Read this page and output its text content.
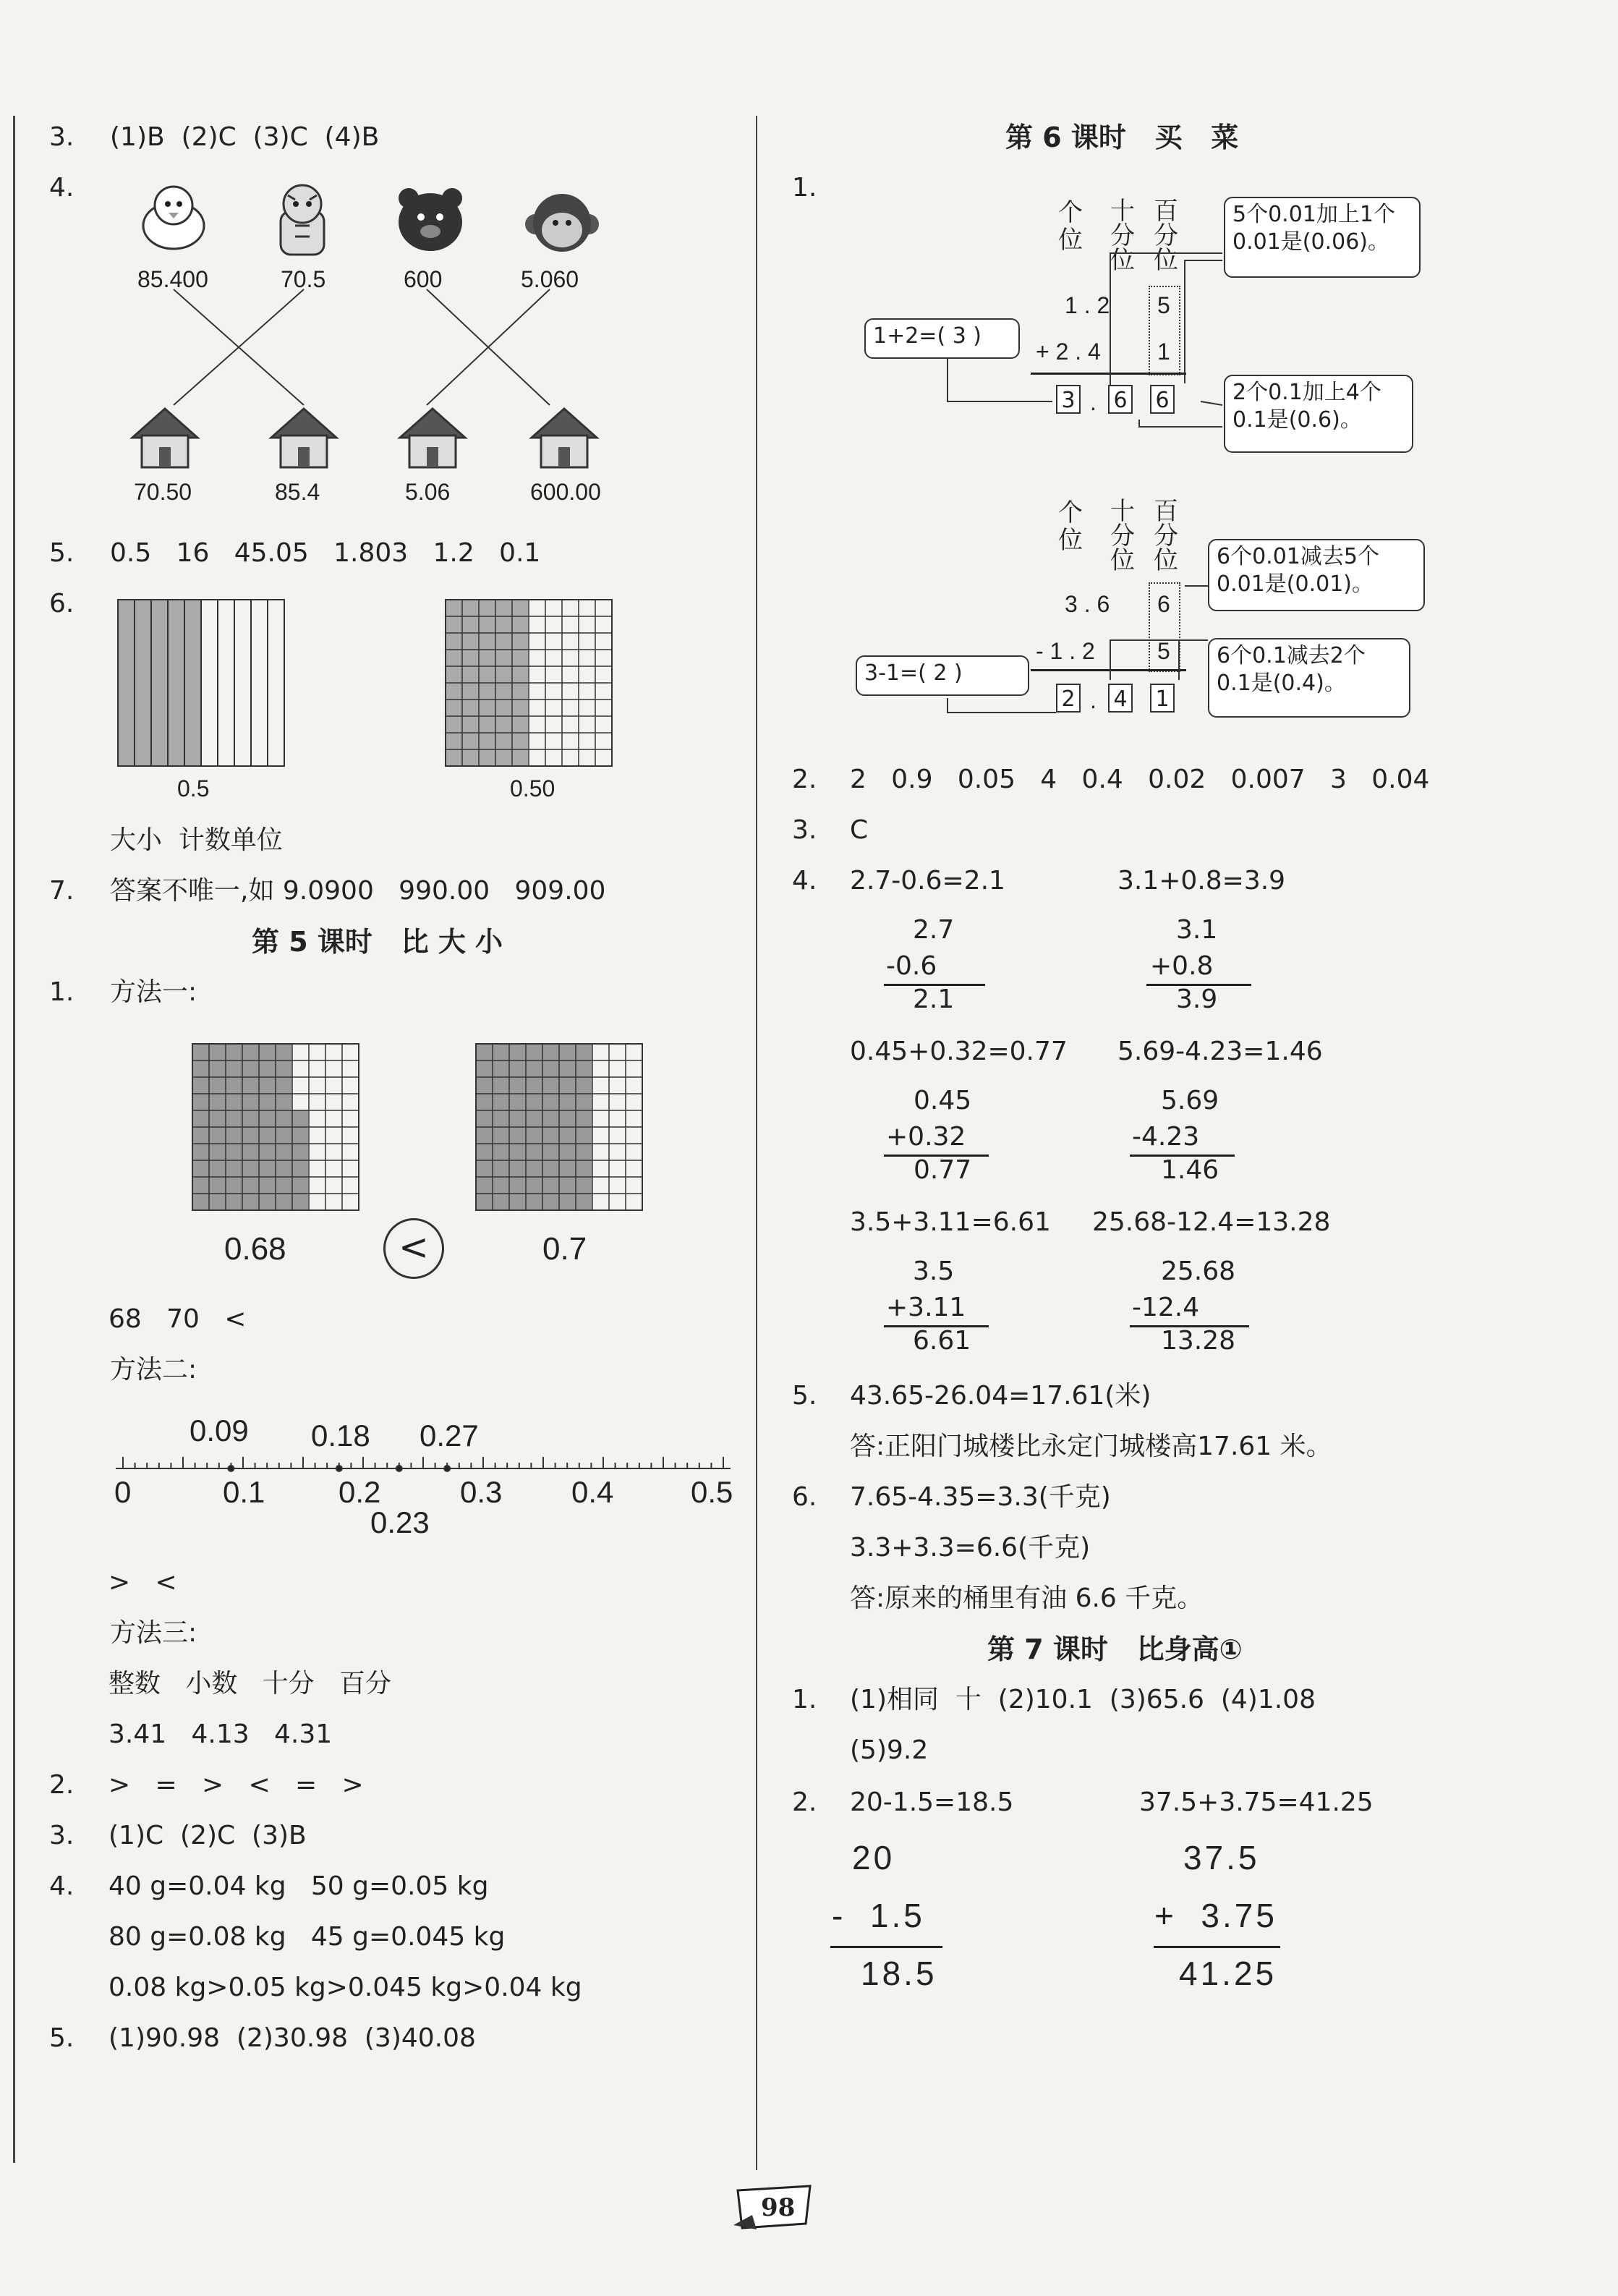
3. (1)B  (2)C  (3)C  (4)B
4.
85.400	70.5	600	5.060
70.50	85.4	5.06	600.00
5. 0.5   16   45.05   1.803   1.2   0.1
6.
0.5	0.50
大小  计数单位
7. 答案不唯一,如 9.0900   990.00   909.00
第 5 课时   比 大 小
1. 方法一:
0.68	<	0.7
68   70   <
方法二:
0.09 0.18 0.27
0	0.1 0.2	0.3 0.4	0.5
0.23
>   <
方法三:
整数   小数   十分   百分
3.41   4.13   4.31
2. >   =   >   <   =   >
3. (1)C  (2)C  (3)B
4. 40 g=0.04 kg   50 g=0.05 kg
80 g=0.08 kg   45 g=0.045 kg
0.08 kg>0.05 kg>0.045 kg>0.04 kg
5. (1)90.98  (2)30.98  (3)40.08
第 6 课时   买   菜
1.
个
位
十
分
位
百
分
位
1 . 2 5
+ 2 . 4 1
3 . 6 6
1+2=( 3 )
5个0.01加上1个
0.01是(0.06)。
2个0.1加上4个
0.1是(0.6)。
个
位
十
分
位
百
分
位
3 . 6 6
- 1 . 2	5
2 . 4 1
3-1=( 2 )
6个0.01减去5个
0.01是(0.01)。
6个0.1减去2个
0.1是(0.4)。
2. 2   0.9   0.05   4   0.4   0.02   0.007   3   0.04
3. C
4. 2.7-0.6=2.1	3.1+0.8=3.9
2.7
-0.6
2.1
3.1
+0.8
3.9
0.45+0.32=0.77 5.69-4.23=1.46
0.45
+0.32
0.77
5.69
-4.23
1.46
3.5+3.11=6.61 25.68-12.4=13.28
3.5
+3.11
6.61
25.68
-12.4
13.28
5. 43.65-26.04=17.61(米)
答:正阳门城楼比永定门城楼高17.61 米。
6. 7.65-4.35=3.3(千克)
3.3+3.3=6.6(千克)
答:原来的桶里有油 6.6 千克。
第 7 课时   比身高①
1. (1)相同  十  (2)10.1  (3)65.6  (4)1.08
(5)9.2
2. 20-1.5=18.5	37.5+3.75=41.25
20
-  1.5
18.5
37.5
+  3.75
41.25
98
